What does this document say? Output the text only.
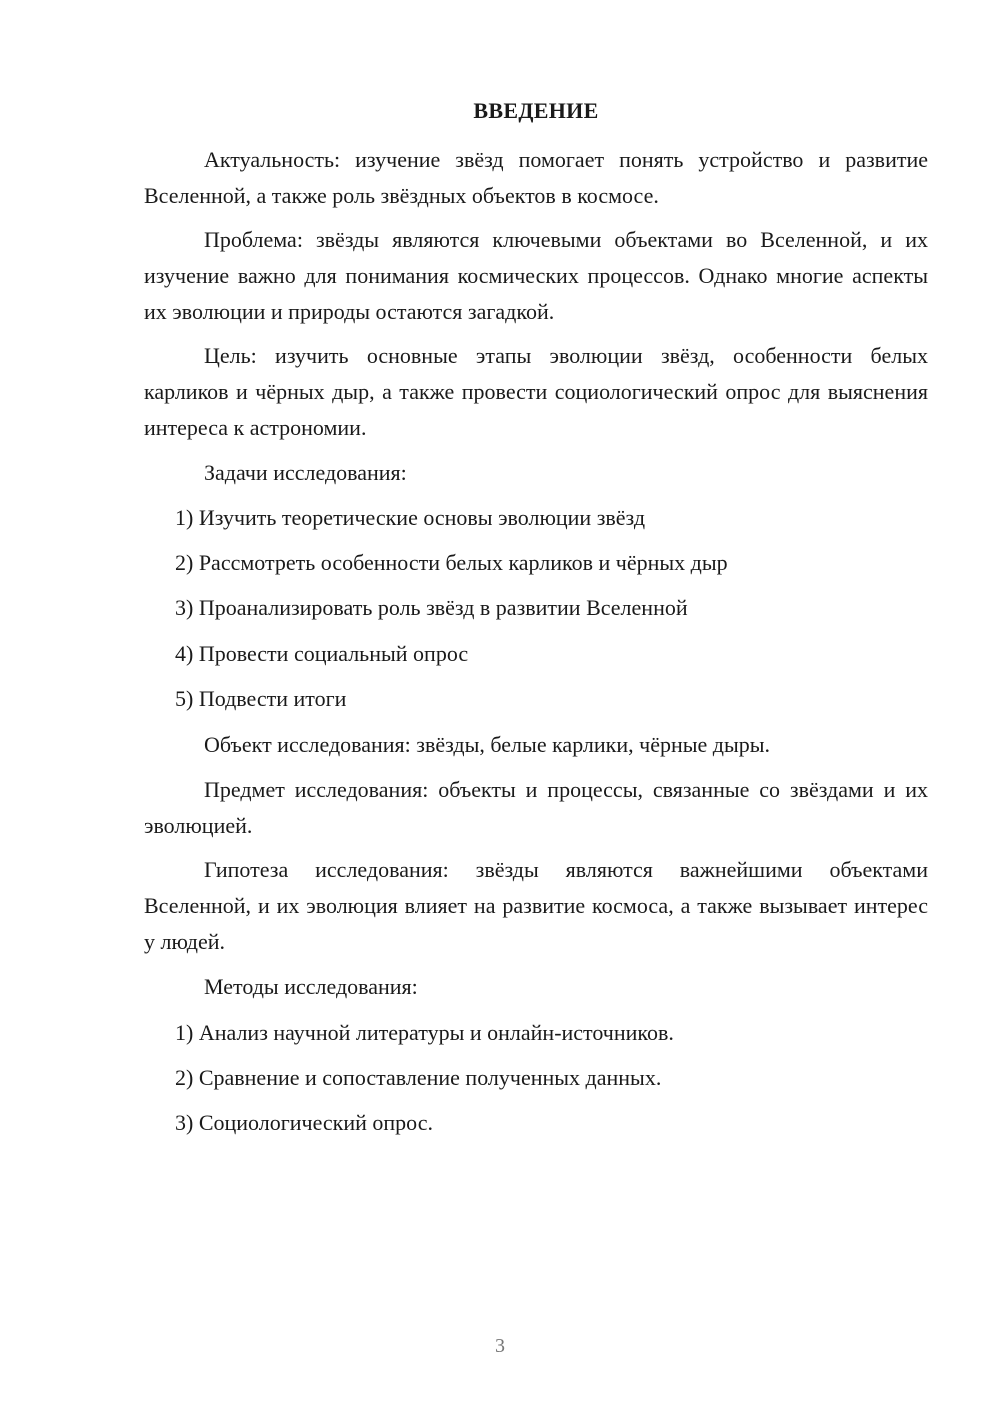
ВВЕДЕНИЕ
Актуальность: изучение звёзд помогает понять устройство и развитие Вселенной, а также роль звёздных объектов в космосе.
Проблема: звёзды являются ключевыми объектами во Вселенной, и их изучение важно для понимания космических процессов. Однако многие аспекты их эволюции и природы остаются загадкой.
Цель: изучить основные этапы эволюции звёзд, особенности белых карликов и чёрных дыр, а также провести социологический опрос для выяснения интереса к астрономии.
Задачи исследования:
1) Изучить теоретические основы эволюции звёзд
2) Рассмотреть особенности белых карликов и чёрных дыр
3) Проанализировать роль звёзд в развитии Вселенной
4) Провести социальный опрос
5) Подвести итоги
Объект исследования: звёзды, белые карлики, чёрные дыры.
Предмет исследования: объекты и процессы, связанные со звёздами и их эволюцией.
Гипотеза исследования: звёзды являются важнейшими объектами Вселенной, и их эволюция влияет на развитие космоса, а также вызывает интерес у людей.
Методы исследования:
1) Анализ научной литературы и онлайн-источников.
2) Сравнение и сопоставление полученных данных.
3) Социологический опрос.
3
